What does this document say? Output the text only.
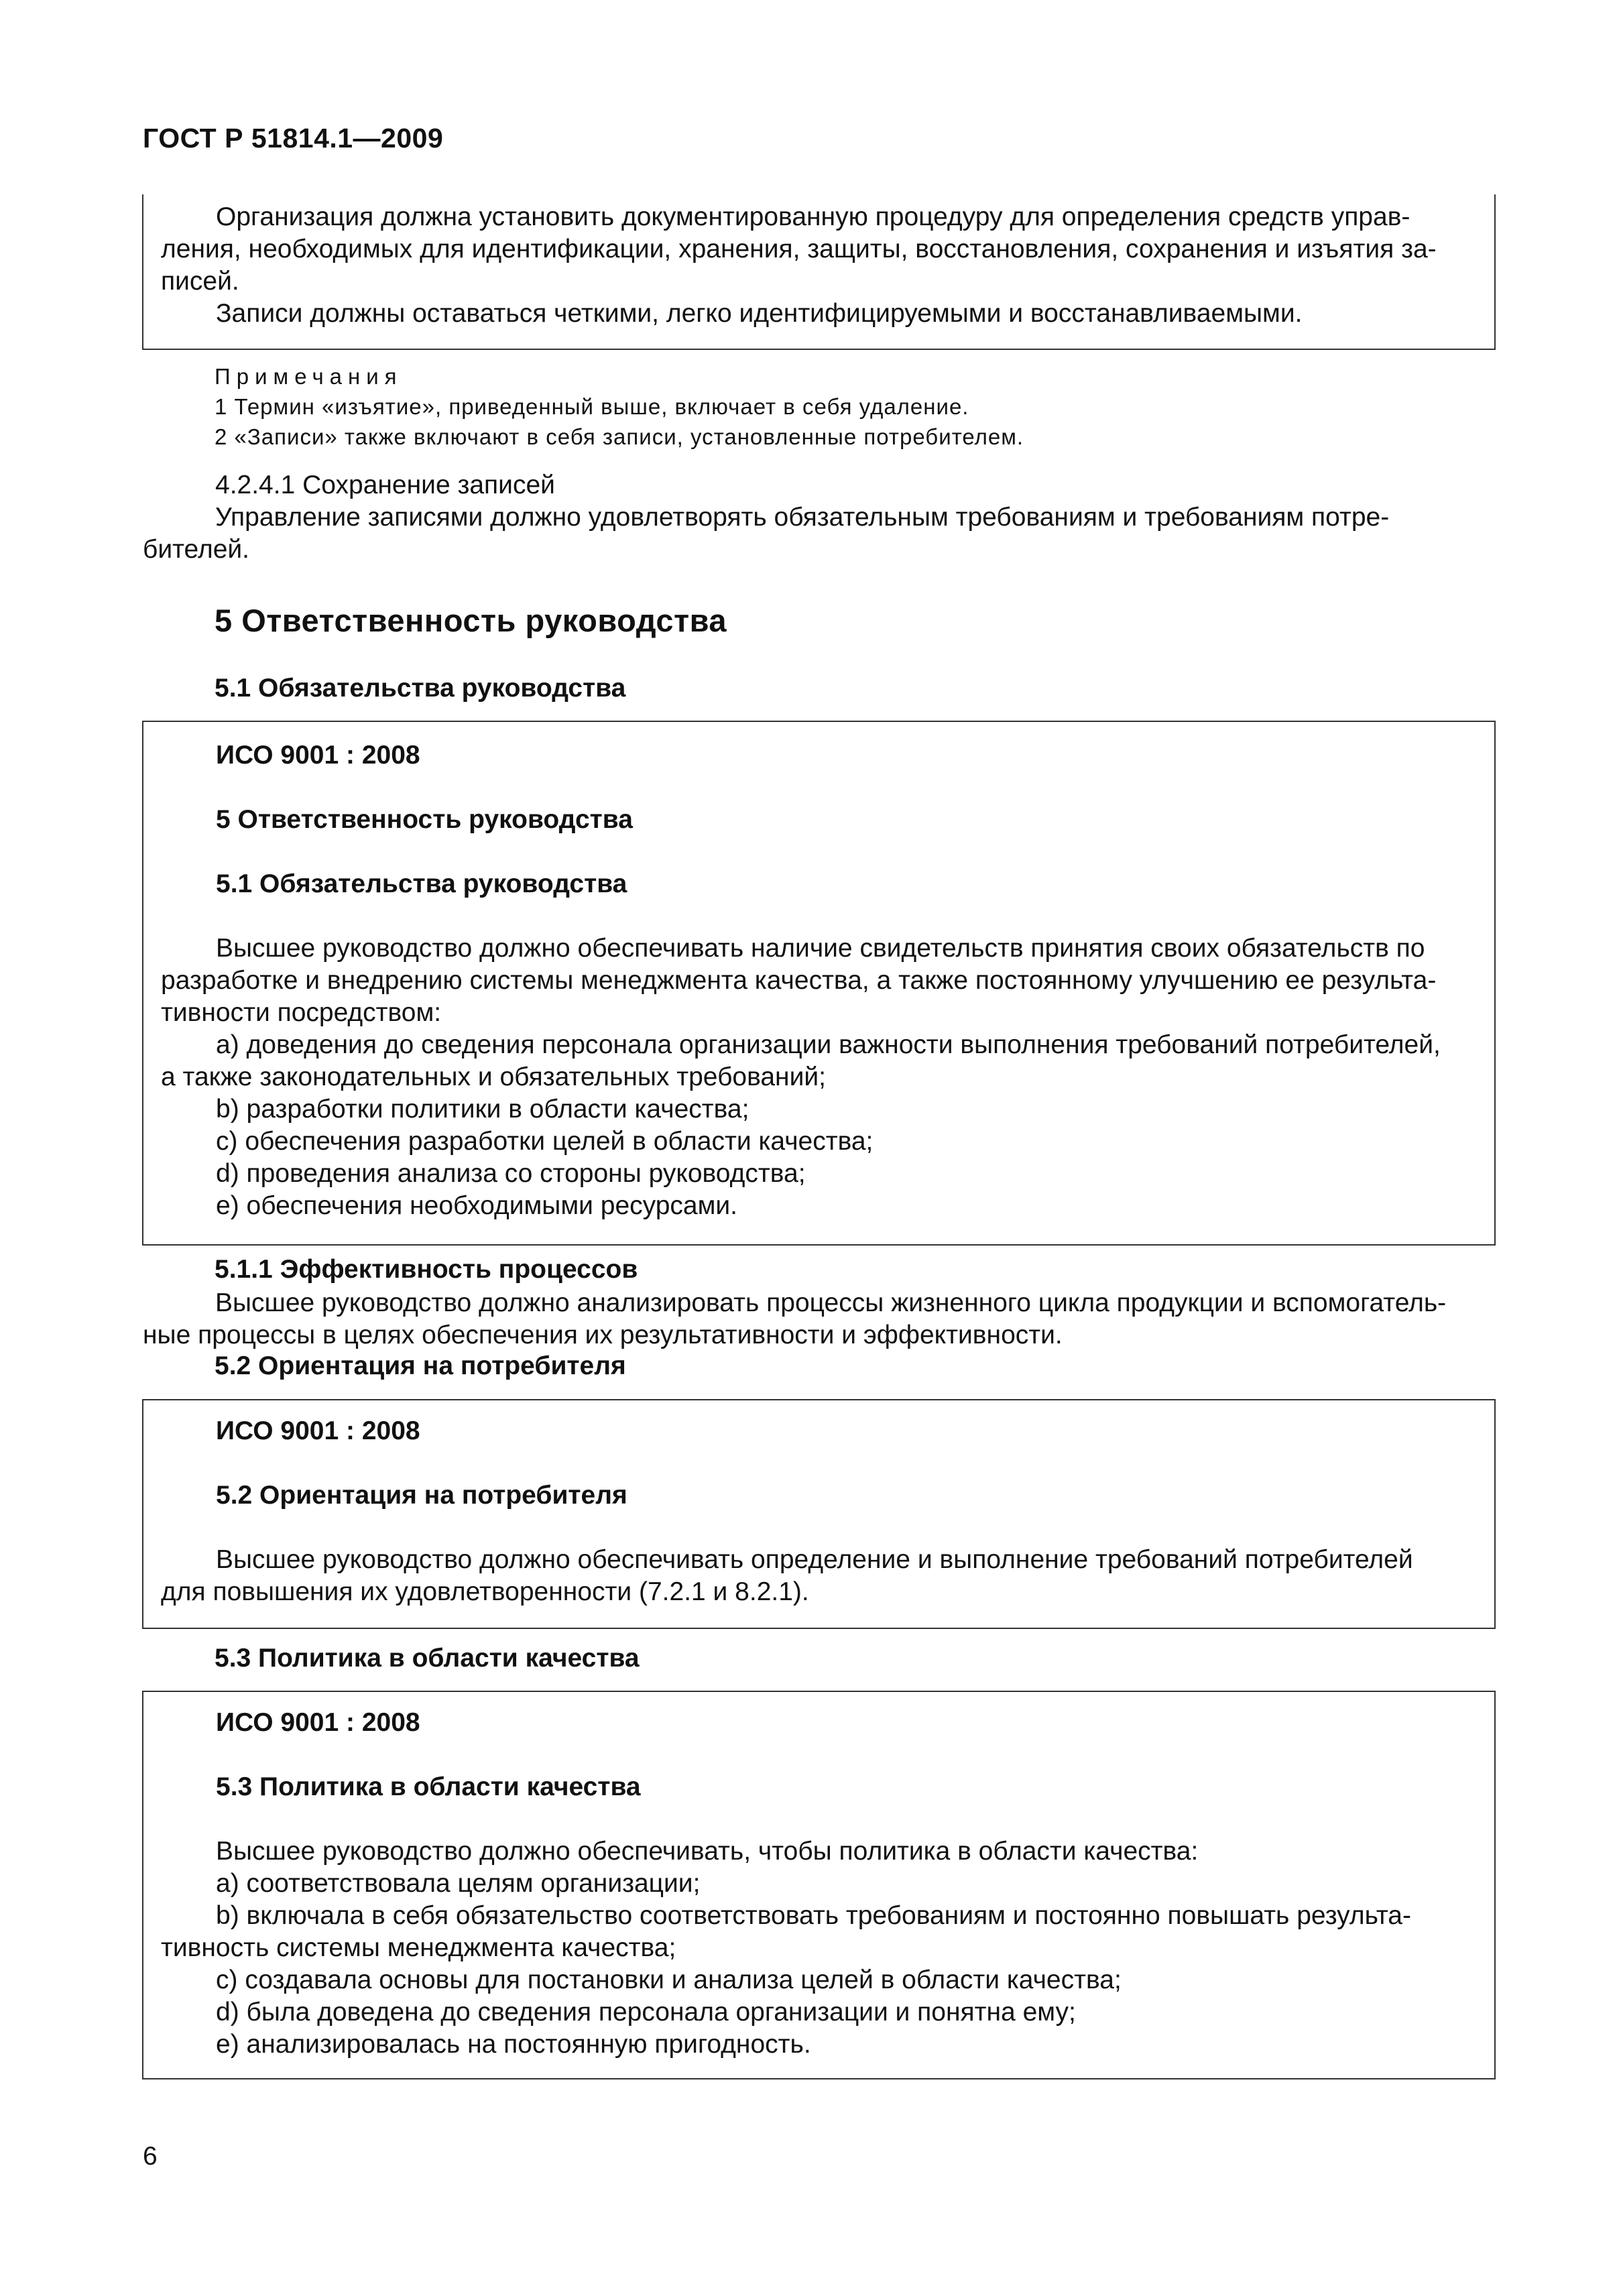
ГОСТ Р 51814.1—2009
Организация должна установить документированную процедуру для определения средств управ-
ления, необходимых для идентификации, хранения, защиты, восстановления, сохранения и изъятия за-
писей.
Записи должны оставаться четкими, легко идентифицируемыми и восстанавливаемыми.
Примечания
1 Термин «изъятие», приведенный выше, включает в себя удаление.
2 «Записи» также включают в себя записи, установленные потребителем.
4.2.4.1 Сохранение записей
Управление записями должно удовлетворять обязательным требованиям и требованиям потре-
бителей.
5 Ответственность руководства
5.1 Обязательства руководства
ИСО 9001 : 2008
5 Ответственность руководства
5.1 Обязательства руководства
Высшее руководство должно обеспечивать наличие свидетельств принятия своих обязательств по
разработке и внедрению системы менеджмента качества, а также постоянному улучшению ее результа-
тивности посредством:
а) доведения до сведения персонала организации важности выполнения требований потребителей,
а также законодательных и обязательных требований;
b) разработки политики в области качества;
c) обеспечения разработки целей в области качества;
d) проведения анализа со стороны руководства;
e) обеспечения необходимыми ресурсами.
5.1.1 Эффективность процессов
Высшее руководство должно анализировать процессы жизненного цикла продукции и вспомогатель-
ные процессы в целях обеспечения их результативности и эффективности.
5.2 Ориентация на потребителя
ИСО 9001 : 2008
5.2 Ориентация на потребителя
Высшее руководство должно обеспечивать определение и выполнение требований потребителей
для повышения их удовлетворенности (7.2.1 и 8.2.1).
5.3 Политика в области качества
ИСО 9001 : 2008
5.3 Политика в области качества
Высшее руководство должно обеспечивать, чтобы политика в области качества:
a) соответствовала целям организации;
b) включала в себя обязательство соответствовать требованиям и постоянно повышать результа-
тивность системы менеджмента качества;
c) создавала основы для постановки и анализа целей в области качества;
d) была доведена до сведения персонала организации и понятна ему;
e) анализировалась на постоянную пригодность.
6
